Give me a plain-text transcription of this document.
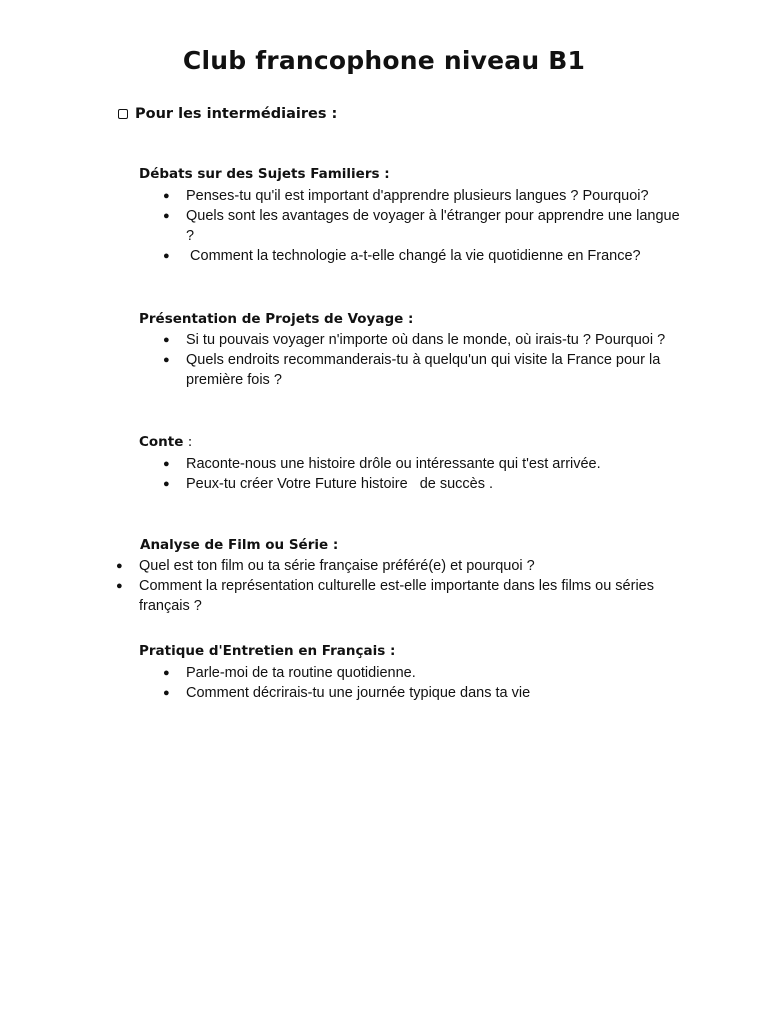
Club francophone niveau B1
Pour les intermédiaires :
Débats sur des Sujets Familiers :
● Penses-tu qu'il est important d'apprendre plusieurs langues ? Pourquoi?
● Quels sont les avantages de voyager à l'étranger pour apprendre une langue ?
● Comment la technologie a-t-elle changé la vie quotidienne en France?
Présentation de Projets de Voyage :
● Si tu pouvais voyager n'importe où dans le monde, où irais-tu ? Pourquoi ?
● Quels endroits recommanderais-tu à quelqu'un qui visite la France pour la première fois ?
Conte :
● Raconte-nous une histoire drôle ou intéressante qui t'est arrivée.
● Peux-tu créer Votre Future histoire   de succès .
Analyse de Film ou Série :
● Quel est ton film ou ta série française préféré(e) et pourquoi ?
● Comment la représentation culturelle est-elle importante dans les films ou séries français ?
Pratique d'Entretien en Français :
● Parle-moi de ta routine quotidienne.
● Comment décrirais-tu une journée typique dans ta vie
